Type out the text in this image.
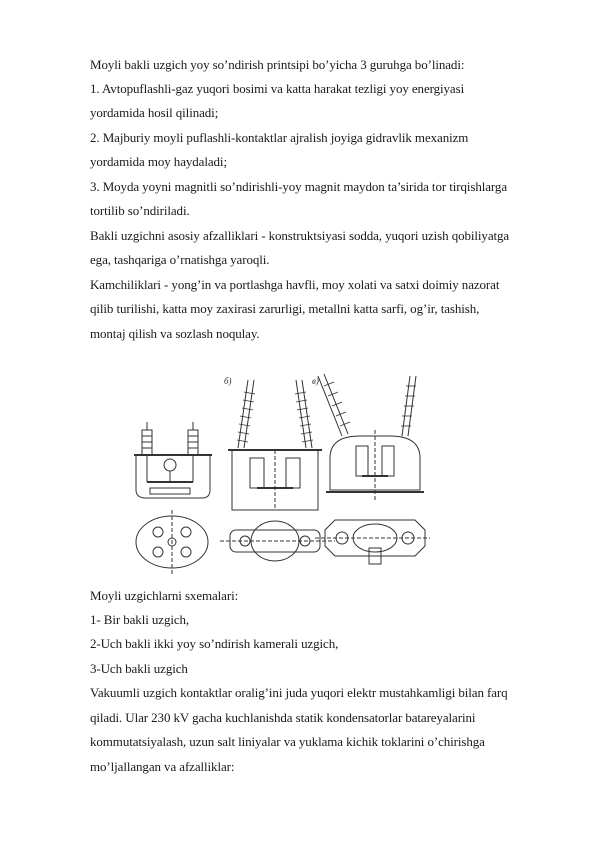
Moyli bakli uzgich yoy so’ndirish printsipi bo’yicha 3 guruhga bo’linadi:
1. Avtopuflashli-gaz yuqori bosimi va katta harakat tezligi yoy energiyasi
yordamida hosil qilinadi;
2. Majburiy moyli puflashli-kontaktlar ajralish joyiga gidravlik mexanizm
yordamida moy haydaladi;
3. Moyda yoyni magnitli so’ndirishli-yoy magnit maydon ta’sirida tor tirqishlarga
tortilib so’ndiriladi.
Bakli uzgichni asosiy afzalliklari - konstruktsiyasi sodda, yuqori uzish qobiliyatga
ega, tashqariga o’rnatishga yaroqli.
Kamchiliklari - yong’in va portlashga havfli, moy xolati va satxi doimiy nazorat
qilib turilishi, katta moy zaxirasi zarurligi, metallni katta sarfi, og’ir, tashish,
montaj qilish va sozlash noqulay.
б)	в)
Moyli uzgichlarni sxemalari:
1- Bir bakli uzgich,
2-Uch bakli ikki yoy so’ndirish kamerali uzgich,
3-Uch bakli uzgich
Vakuumli uzgich kontaktlar oralig’ini juda yuqori elektr mustahkamligi bilan farq
qiladi. Ular 230 kV gacha kuchlanishda statik kondensatorlar batareyalarini
kommutatsiyalash, uzun salt liniyalar va yuklama kichik toklarini o’chirishga
mo’ljallangan va afzalliklar:
